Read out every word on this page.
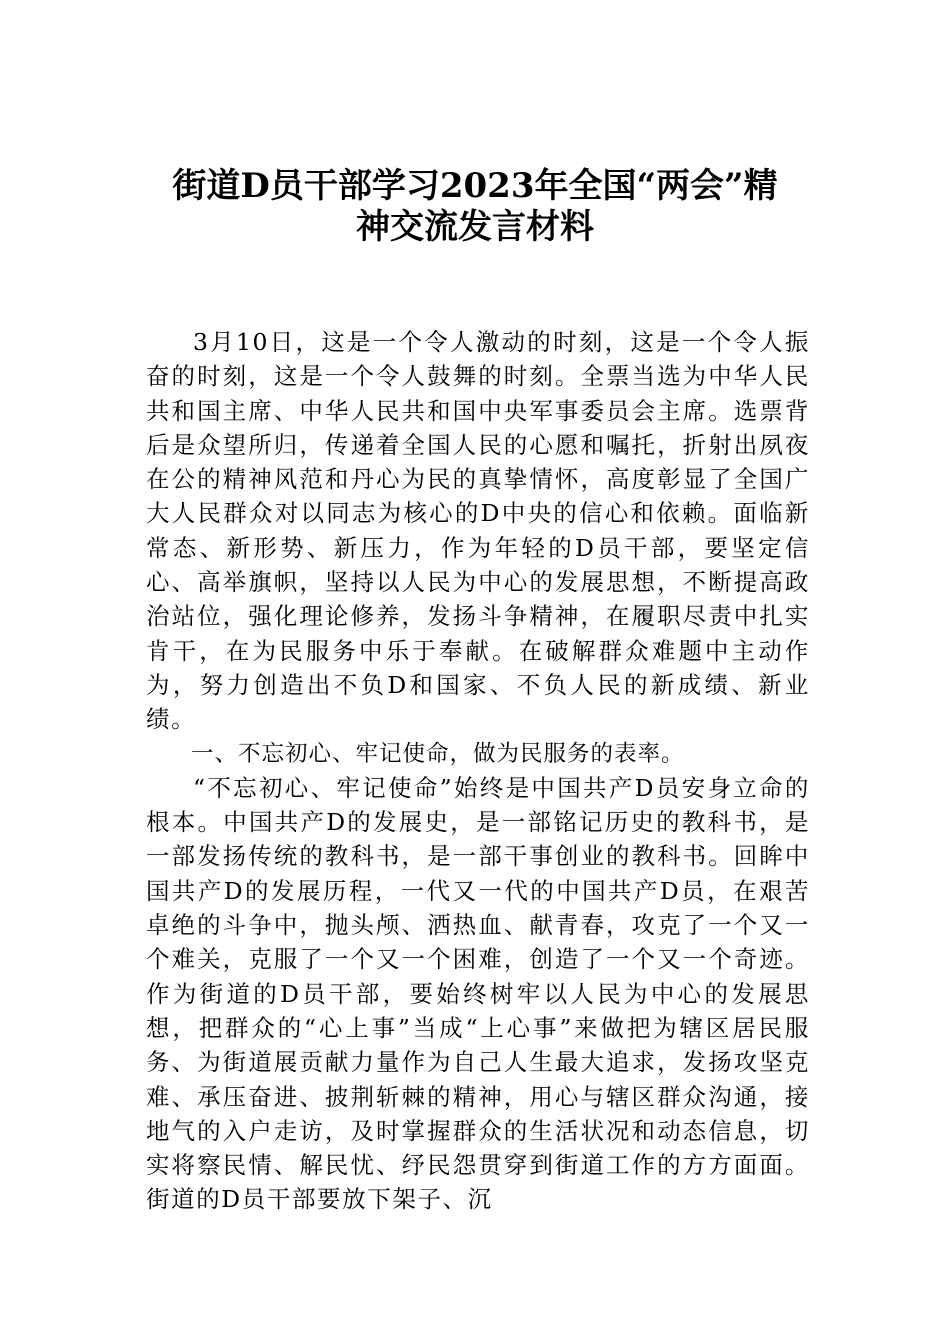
街道D员干部学习2023年全国“两会”精
神交流发言材料

3月10日，这是一个令人激动的时刻，这是一个令人振奋的时刻，这是一个令人鼓舞的时刻。全票当选为中华人民共和国主席、中华人民共和国中央军事委员会主席。选票背后是众望所归，传递着全国人民的心愿和嘱托，折射出夙夜在公的精神风范和丹心为民的真挚情怀，高度彰显了全国广大人民群众对以同志为核心的D中央的信心和依赖。面临新常态、新形势、新压力，作为年轻的D员干部，要坚定信心、高举旗帜，坚持以人民为中心的发展思想，不断提高政治站位，强化理论修养，发扬斗争精神，在履职尽责中扎实肯干，在为民服务中乐于奉献。在破解群众难题中主动作为，努力创造出不负D和国家、不负人民的新成绩、新业绩。

一、不忘初心、牢记使命，做为民服务的表率。

“不忘初心、牢记使命”始终是中国共产D员安身立命的根本。中国共产D的发展史，是一部铭记历史的教科书，是一部发扬传统的教科书，是一部干事创业的教科书。回眸中国共产D的发展历程，一代又一代的中国共产D员，在艰苦卓绝的斗争中，抛头颅、洒热血、献青春，攻克了一个又一个难关，克服了一个又一个困难，创造了一个又一个奇迹。作为街道的D员干部，要始终树牢以人民为中心的发展思想，把群众的“心上事”当成“上心事”来做把为辖区居民服务、为街道展贡献力量作为自己人生最大追求，发扬攻坚克难、承压奋进、披荆斩棘的精神，用心与辖区群众沟通，接地气的入户走访，及时掌握群众的生活状况和动态信息，切实将察民情、解民忧、纾民怨贯穿到街道工作的方方面面。街道的D员干部要放下架子、沉
